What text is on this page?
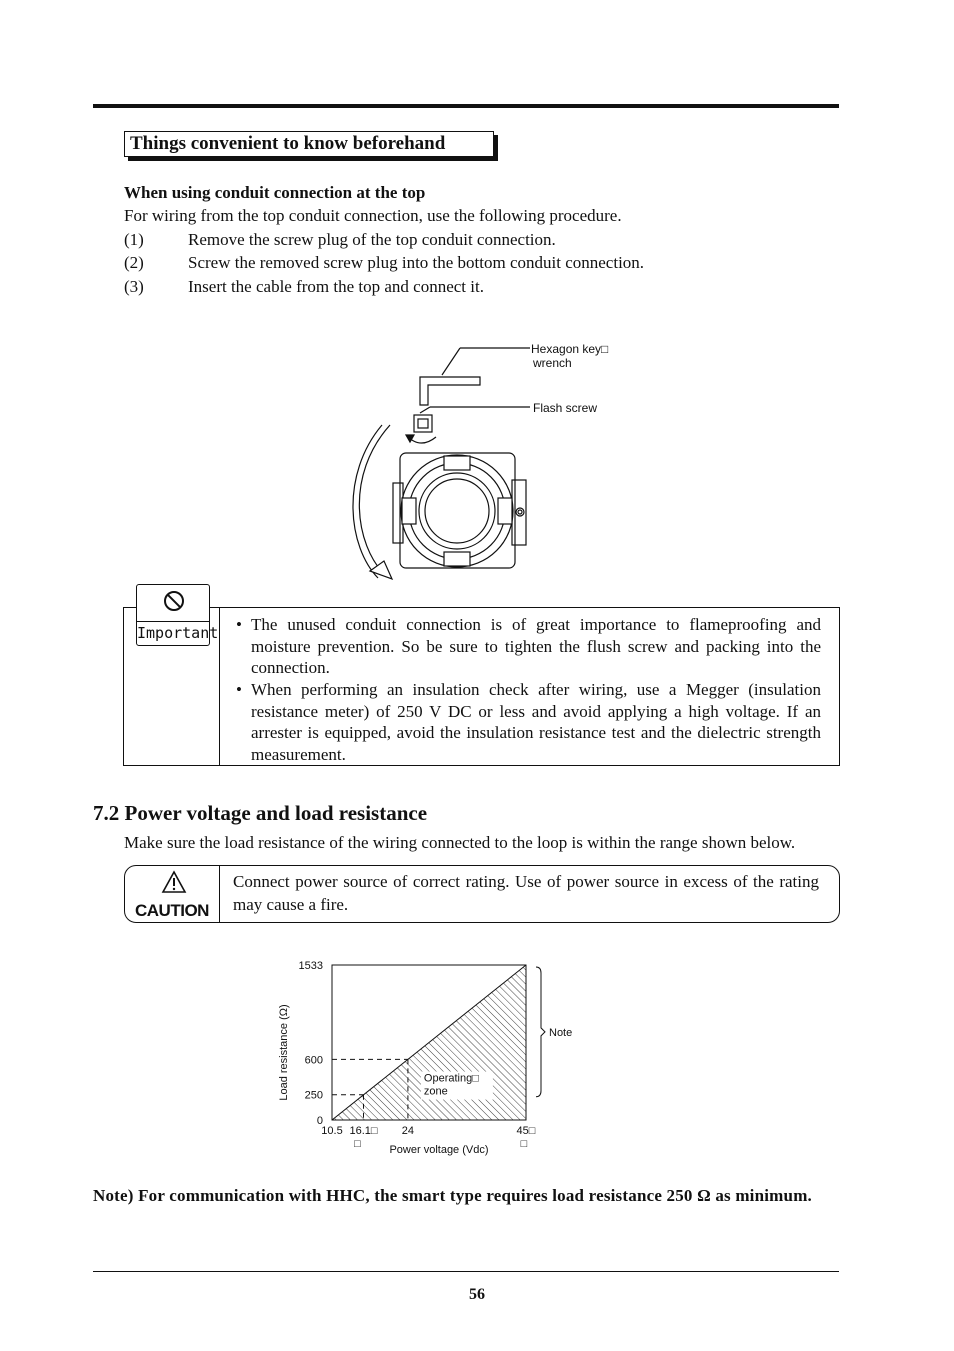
Things convenient to know beforehand
When using conduit connection at the top
For wiring from the top conduit connection, use the following procedure.
(1)	Remove the screw plug of the top conduit connection.
(2)	Screw the removed screw plug into the bottom conduit connection.
(3)	Insert the cable from the top and connect it.
Hexagon key□
wrench
Flash screw
Important • The unused conduit connection is of great importance to flameproofing and moisture prevention. So be sure to tighten the flush screw and packing into the connection.
• When performing an insulation check after wiring, use a Megger (insulation resistance meter) of 250 V DC or less and avoid applying a high voltage. If an arrester is equipped, avoid the insulation resistance test and the dielectric strength measurement.
7.2 Power voltage and load resistance
Make sure the load resistance of the wiring connected to the loop is within the range shown below.
CAUTION
Connect power source of correct rating. Use of power source in excess of the rating may cause a fire.
Operating□
zone
0
250
600
1533
10.5 16.1□ 24	45□
□	□
Power voltage (Vdc)
Load resistance (Ω)	Note
Note) For communication with HHC, the smart type requires load resistance 250 Ω as minimum.
56
